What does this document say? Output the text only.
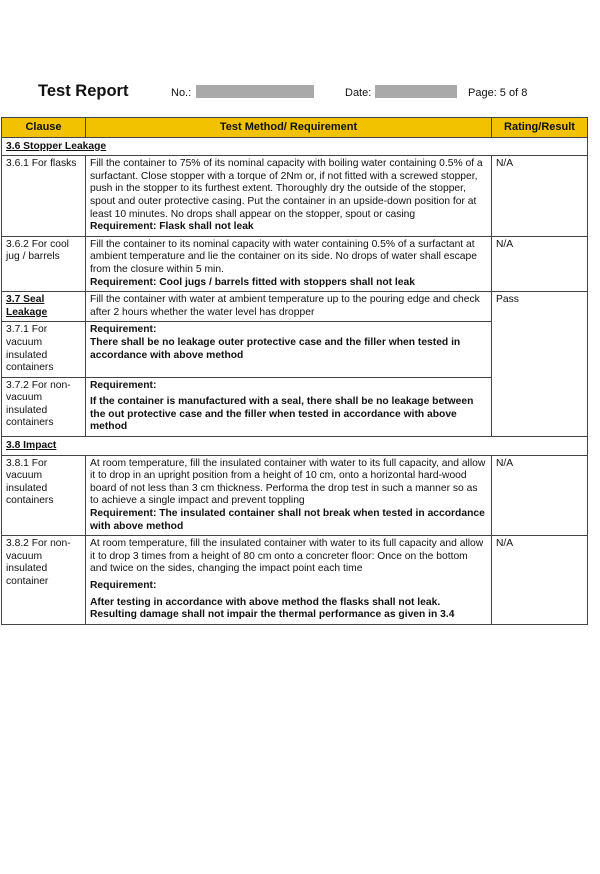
Test Report	No.:	Date:	Page: 5 of 8
Clause	Test Method/ Requirement	Rating/Result
3.6 Stopper Leakage		
3.6.1 For flasks	Fill the container to 75% of its nominal capacity with boiling water containing 0.5% of a surfactant. Close stopper with a torque of 2Nm or, if not fitted with a screwed stopper, push in the stopper to its furthest extent. Thoroughly dry the outside of the stopper, spout and outer protective casing. Put the container in an upside-down position for at least 10 minutes. No drops shall appear on the stopper, spout or casing

Requirement: Flask shall not leak	N/A
3.6.2 For cool jug / barrels	Fill the container to its nominal capacity with water containing 0.5% of a surfactant at ambient temperature and lie the container on its side. No drops of water shall escape from the closure within 5 min.

Requirement: Cool jugs / barrels fitted with stoppers shall not leak	N/A
3.7 Seal Leakage	Fill the container with water at ambient temperature up to the pouring edge and check after 2 hours whether the water level has dropper	Pass
3.7.1 For vacuum insulated containers	Requirement:

There shall be no leakage outer protective case and the filler when tested in accordance with above method	

3.7.2 For non-vacuum insulated containers	Requirement:

If the container is manufactured with a seal, there shall be no leakage between the out protective case and the filler when tested in accordance with above method	

3.8 Impact		
3.8.1 For vacuum insulated containers	At room temperature, fill the insulated container with water to its full capacity, and allow it to drop in an upright position from a height of 10 cm, onto a horizontal hard-wood board of not less than 3 cm thickness. Performa the drop test in such a manner so as to achieve a single impact and prevent toppling

Requirement: The insulated container shall not break when tested in accordance with above method	N/A
3.8.2 For non-vacuum insulated container	At room temperature, fill the insulated container with water to its full capacity and allow it to drop 3 times from a height of 80 cm onto a concreter floor: Once on the bottom and twice on the sides, changing the impact point each time

Requirement:

After testing in accordance with above method the flasks shall not leak. Resulting damage shall not impair the thermal performance as given in 3.4	N/A
